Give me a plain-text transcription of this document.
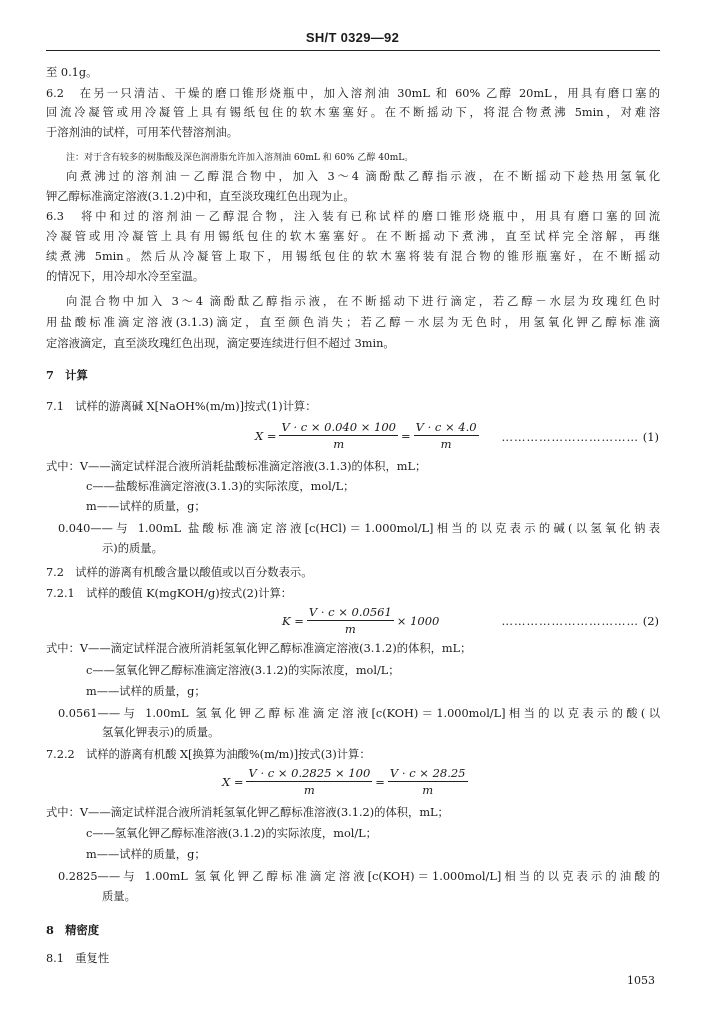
SH/T 0329—92
至 0.1g。
6.2　在另一只清洁、干燥的磨口锥形烧瓶中，加入溶剂油 30mL 和 60% 乙醇 20mL，用具有磨口塞的
回流冷凝管或用冷凝管上具有锡纸包住的软木塞塞好。在不断摇动下，将混合物煮沸 5min，对难溶
于溶剂油的试样，可用苯代替溶剂油。
注：对于含有较多的树脂酸及深色润滑脂允许加入溶剂油 60mL 和 60% 乙醇 40mL。
向煮沸过的溶剂油－乙醇混合物中，加入 3～4 滴酚酞乙醇指示液，在不断摇动下趁热用氢氧化
钾乙醇标准滴定溶液(3.1.2)中和，直至淡玫瑰红色出现为止。
6.3　将中和过的溶剂油－乙醇混合物，注入装有已称试样的磨口锥形烧瓶中，用具有磨口塞的回流
冷凝管或用冷凝管上具有用锡纸包住的软木塞塞好。在不断摇动下煮沸，直至试样完全溶解，再继
续煮沸 5min。然后从冷凝管上取下，用锡纸包住的软木塞将装有混合物的锥形瓶塞好，在不断摇动
的情况下，用冷却水冷至室温。
向混合物中加入 3～4 滴酚酞乙醇指示液，在不断摇动下进行滴定，若乙醇－水层为玫瑰红色时
用盐酸标准滴定溶液(3.1.3)滴定，直至颜色消失；若乙醇－水层为无色时，用氢氧化钾乙醇标准滴
定溶液滴定，直至淡玫瑰红色出现，滴定要连续进行但不超过 3min。
7　计算
7.1　试样的游离碱 X[NaOH%(m/m)]按式(1)计算：
$X = \frac{V \cdot c \times 0.040 \times 100}{m} = \frac{V \cdot c \times 4.0}{m}$ …………………………… (1)
式中：V——滴定试样混合液所消耗盐酸标准滴定溶液(3.1.3)的体积，mL；
c——盐酸标准滴定溶液(3.1.3)的实际浓度，mol/L；
m——试样的质量，g；
0.040——与 1.00mL 盐酸标准滴定溶液[c(HCl)＝1.000mol/L]相当的以克表示的碱(以氢氧化钠表
示)的质量。
7.2　试样的游离有机酸含量以酸值或以百分数表示。
7.2.1　试样的酸值 K(mgKOH/g)按式(2)计算：
$K = \frac{V \cdot c \times 0.0561}{m} \times 1000$	…………………………… (2)
式中：V——滴定试样混合液所消耗氢氧化钾乙醇标准滴定溶液(3.1.2)的体积，mL；
c——氢氧化钾乙醇标准滴定溶液(3.1.2)的实际浓度，mol/L；
m——试样的质量，g；
0.0561——与 1.00mL 氢氧化钾乙醇标准滴定溶液[c(KOH)＝1.000mol/L]相当的以克表示的酸(以
氢氧化钾表示)的质量。
7.2.2　试样的游离有机酸 X[换算为油酸%(m/m)]按式(3)计算：
$X = \frac{V \cdot c \times 0.2825 \times 100}{m} = \frac{V \cdot c \times 28.25}{m}$
式中：V——滴定试样混合液所消耗氢氧化钾乙醇标准溶液(3.1.2)的体积，mL；
c——氢氧化钾乙醇标准溶液(3.1.2)的实际浓度，mol/L；
m——试样的质量，g；
0.2825——与 1.00mL 氢氧化钾乙醇标准滴定溶液[c(KOH)＝1.000mol/L]相当的以克表示的油酸的
质量。
8　精密度
8.1　重复性
1053
